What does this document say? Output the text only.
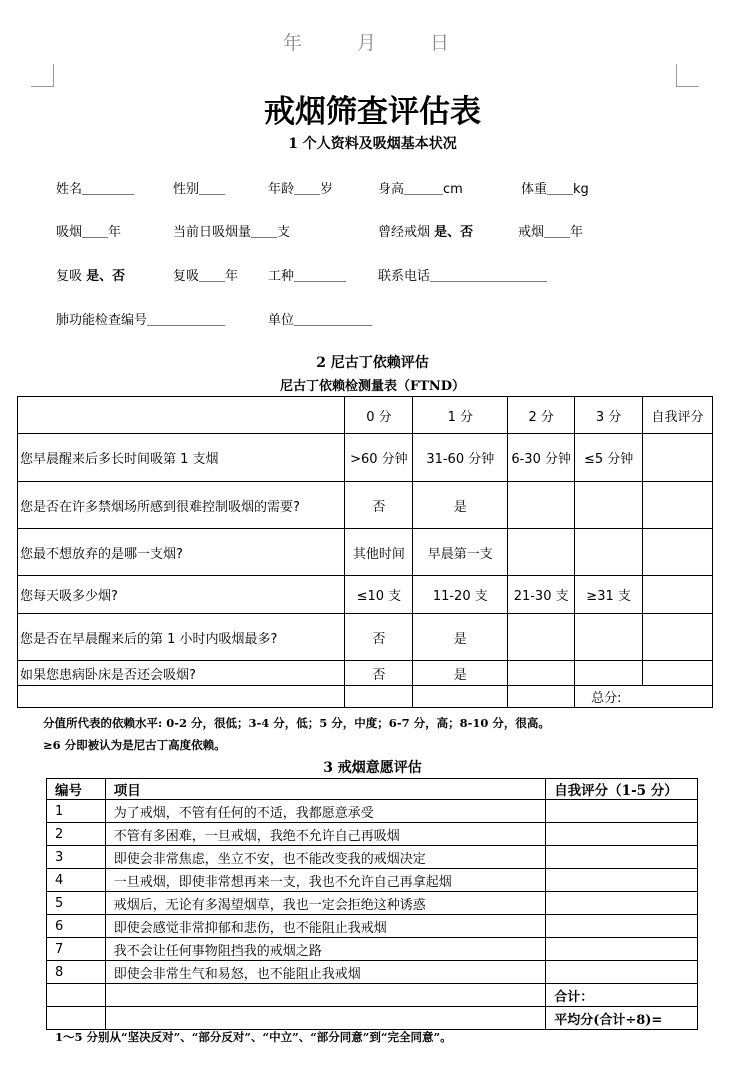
年	月	日
戒烟筛查评估表
1 个人资料及吸烟基本状况
姓名＿＿＿＿	性别＿＿	年龄＿＿岁	身高＿＿＿cm	体重＿＿kg
吸烟＿＿年	当前日吸烟量＿＿支	曾经戒烟 是、否	戒烟＿＿年
复吸 是、否	复吸＿＿年 工种＿＿＿＿ 联系电话＿＿＿＿＿＿＿＿＿
肺功能检查编号＿＿＿＿＿＿	单位＿＿＿＿＿＿
2 尼古丁依赖评估
尼古丁依赖检测量表（FTND）
	0 分	1 分	2 分	3 分	自我评分
您早晨醒来后多长时间吸第 1 支烟	>60 分钟	31-60 分钟	6-30 分钟	≤5 分钟	
您是否在许多禁烟场所感到很难控制吸烟的需要?	否	是			
您最不想放弃的是哪一支烟?	其他时间	早晨第一支			
您每天吸多少烟?	≤10 支	11-20 支	21-30 支	≥31 支	
您是否在早晨醒来后的第 1 小时内吸烟最多?	否	是			
如果您患病卧床是否还会吸烟?	否	是			
				总分:	
分值所代表的依赖水平: 0-2 分，很低；3-4 分，低；5 分，中度；6-7 分，高；8-10 分，很高。
≥6 分即被认为是尼古丁高度依赖。
3 戒烟意愿评估
编号	项目	自我评分（1-5 分）
1	为了戒烟，不管有任何的不适，我都愿意承受	
2	不管有多困难，一旦戒烟，我绝不允许自己再吸烟	
3	即使会非常焦虑，坐立不安，也不能改变我的戒烟决定	
4	一旦戒烟，即使非常想再来一支，我也不允许自己再拿起烟	
5	戒烟后，无论有多渴望烟草，我也一定会拒绝这种诱惑	
6	即使会感觉非常抑郁和悲伤，也不能阻止我戒烟	
7	我不会让任何事物阻挡我的戒烟之路	
8	即使会非常生气和易怒，也不能阻止我戒烟	
		合计：
		平均分(合计÷8)=
1～5 分别从“坚决反对”、“部分反对”、“中立”、“部分同意”到“完全同意”。
